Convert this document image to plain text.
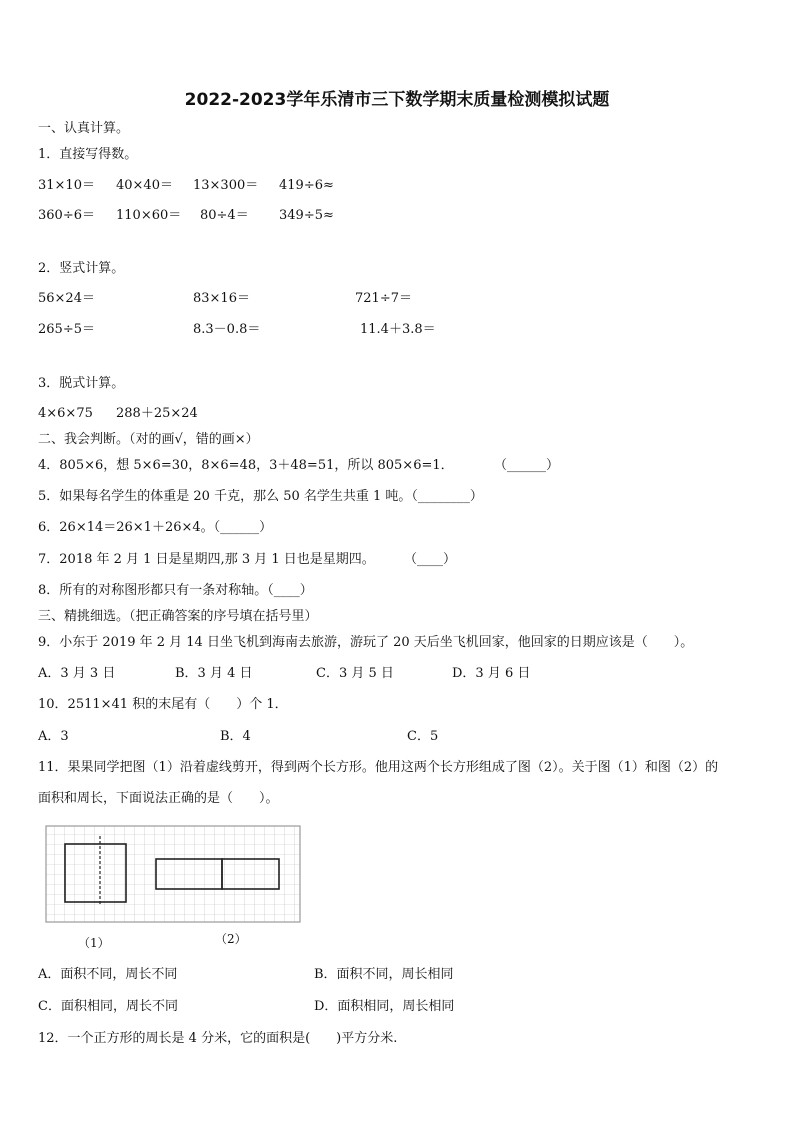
2022-2023学年乐清市三下数学期末质量检测模拟试题
一、认真计算。
1．直接写得数。
31×10＝ 40×40＝ 13×300＝ 419÷6≈
360÷6＝ 110×60＝ 80÷4＝ 349÷5≈
2．竖式计算。
56×24＝	83×16＝	721÷7＝
265÷5＝	8.3－0.8＝	11.4＋3.8＝
3．脱式计算。
4×6×75 288＋25×24
二、我会判断。（对的画√，错的画×）
4．805×6，想 5×6=30，8×6=48，3＋48=51，所以 805×6=1．	（______）
5．如果每名学生的体重是 20 千克，那么 50 名学生共重 1 吨。（________）
6．26×14＝26×1＋26×4。（______）
7．2018 年 2 月 1 日是星期四,那 3 月 1 日也是星期四。 （____）
8．所有的对称图形都只有一条对称轴。（____）
三、精挑细选。（把正确答案的序号填在括号里）
9．小东于 2019 年 2 月 14 日坐飞机到海南去旅游，游玩了 20 天后坐飞机回家，他回家的日期应该是（　　）。
A．3 月 3 日	B．3 月 4 日	C．3 月 5 日	D．3 月 6 日
10．2511×41 积的末尾有（　　）个 1．
A．3	B．4	C．5
11．果果同学把图（1）沿着虚线剪开，得到两个长方形。他用这两个长方形组成了图（2）。关于图（1）和图（2）的
面积和周长，下面说法正确的是（　　）。
（1）	（2）
A．面积不同，周长不同	B．面积不同，周长相同
C．面积相同，周长不同	D．面积相同，周长相同
12．一个正方形的周长是 4 分米，它的面积是(　　)平方分米.
